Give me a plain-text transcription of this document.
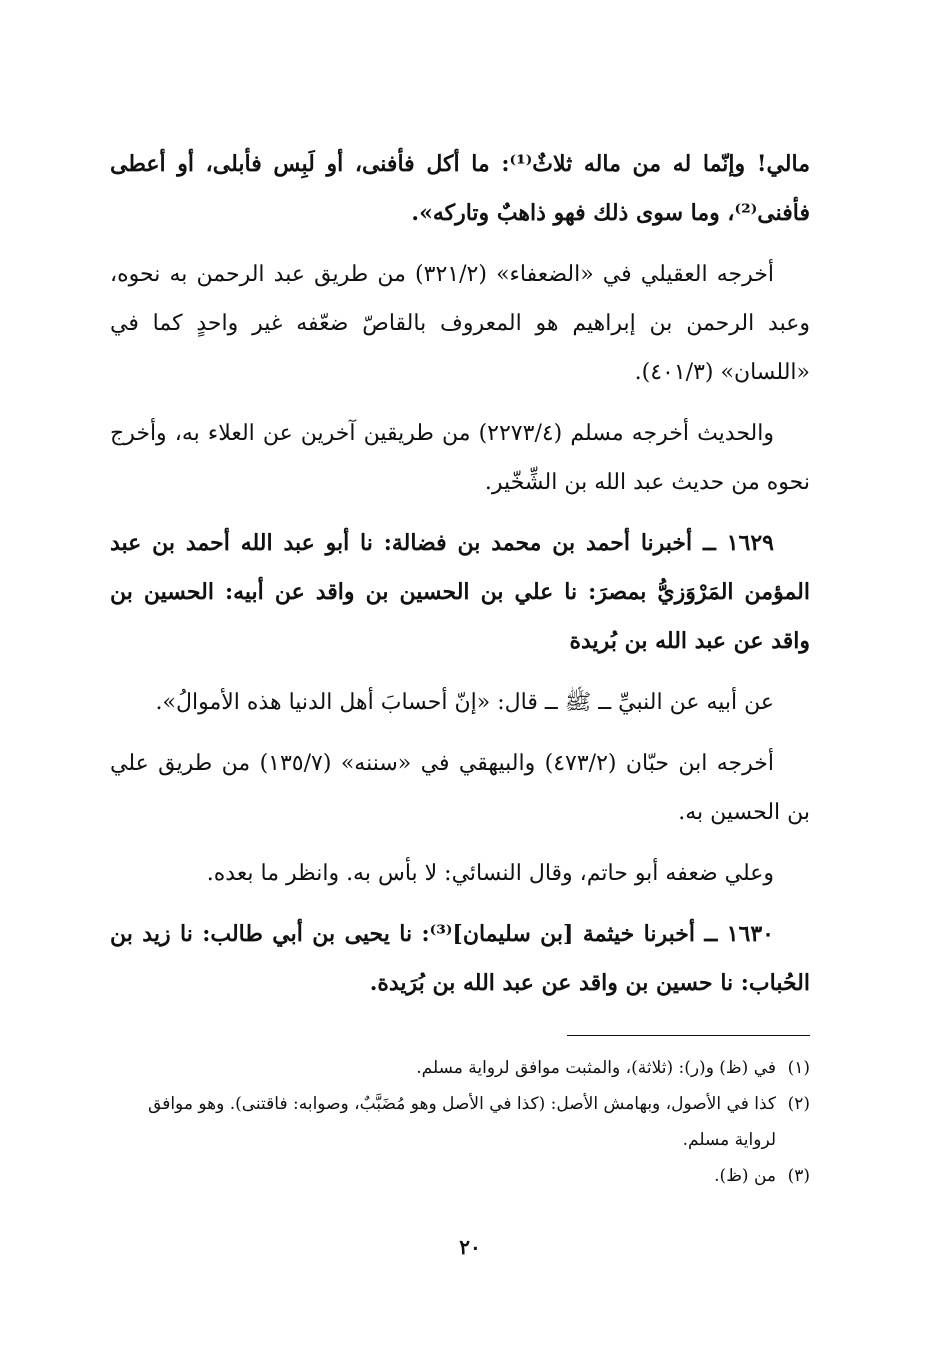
مالي! وإنّما له من ماله ثلاثٌ⁽¹⁾: ما أكل فأفنى، أو لَبِس فأبلى، أو أعطى فأفنى⁽²⁾، وما سوى ذلك فهو ذاهبٌ وتاركه».

أخرجه العقيلي في «الضعفاء» (٣٢١/٢) من طريق عبد الرحمن به نحوه، وعبد الرحمن بن إبراهيم هو المعروف بالقاصّ ضعّفه غير واحدٍ كما في «اللسان» (٤٠١/٣).

والحديث أخرجه مسلم (٢٢٧٣/٤) من طريقين آخرين عن العلاء به، وأخرج نحوه من حديث عبد الله بن الشِّخّير.

١٦٢٩ ــ أخبرنا أحمد بن محمد بن فضالة: نا أبو عبد الله أحمد بن عبد المؤمن المَرْوَزيُّ بمصرَ: نا علي بن الحسين بن واقد عن أبيه: الحسين بن واقد عن عبد الله بن بُريدة

عن أبيه عن النبيِّ ــ ﷺ ــ قال: «إنّ أحسابَ أهل الدنيا هذه الأموالُ».

أخرجه ابن حبّان (٤٧٣/٢) والبيهقي في «سننه» (١٣٥/٧) من طريق علي بن الحسين به.

وعلي ضعفه أبو حاتم، وقال النسائي: لا بأس به. وانظر ما بعده.

١٦٣٠ ــ أخبرنا خيثمة [بن سليمان]⁽³⁾: نا يحيى بن أبي طالب: نا زيد بن الحُباب: نا حسين بن واقد عن عبد الله بن بُرَيدة.

(١)
في (ظ) و(ر): (ثلاثة)، والمثبت موافق لرواية مسلم.
(٢)
كذا في الأصول، وبهامش الأصل: (كذا في الأصل وهو مُضَبَّبٌ، وصوابه: فاقتنى). وهو موافق لرواية مسلم.
(٣)
من (ظ).
٢٠
